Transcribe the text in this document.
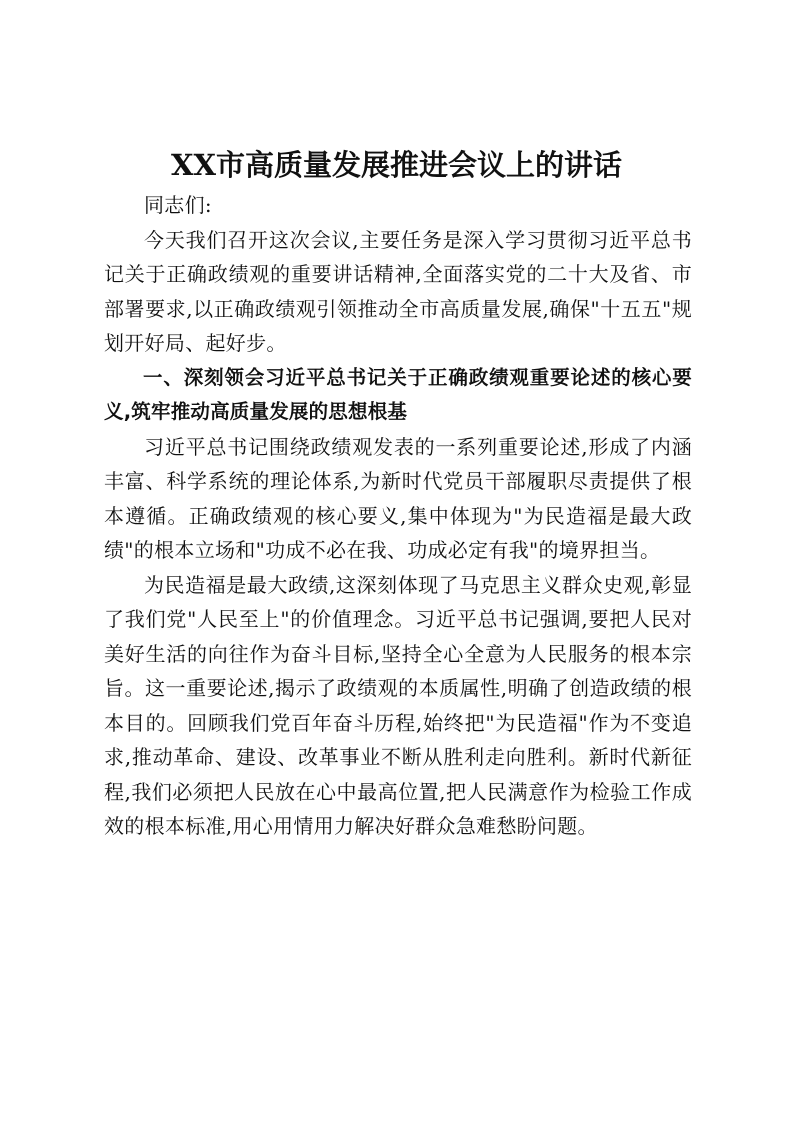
XX市高质量发展推进会议上的讲话

同志们:

今天我们召开这次会议,主要任务是深入学习贯彻习近平总书记关于正确政绩观的重要讲话精神,全面落实党的二十大及省、市部署要求,以正确政绩观引领推动全市高质量发展,确保"十五五"规划开好局、起好步。

一、深刻领会习近平总书记关于正确政绩观重要论述的核心要义,筑牢推动高质量发展的思想根基

习近平总书记围绕政绩观发表的一系列重要论述,形成了内涵丰富、科学系统的理论体系,为新时代党员干部履职尽责提供了根本遵循。正确政绩观的核心要义,集中体现为"为民造福是最大政绩"的根本立场和"功成不必在我、功成必定有我"的境界担当。

为民造福是最大政绩,这深刻体现了马克思主义群众史观,彰显了我们党"人民至上"的价值理念。习近平总书记强调,要把人民对美好生活的向往作为奋斗目标,坚持全心全意为人民服务的根本宗旨。这一重要论述,揭示了政绩观的本质属性,明确了创造政绩的根本目的。回顾我们党百年奋斗历程,始终把"为民造福"作为不变追求,推动革命、建设、改革事业不断从胜利走向胜利。新时代新征程,我们必须把人民放在心中最高位置,把人民满意作为检验工作成效的根本标准,用心用情用力解决好群众急难愁盼问题。
